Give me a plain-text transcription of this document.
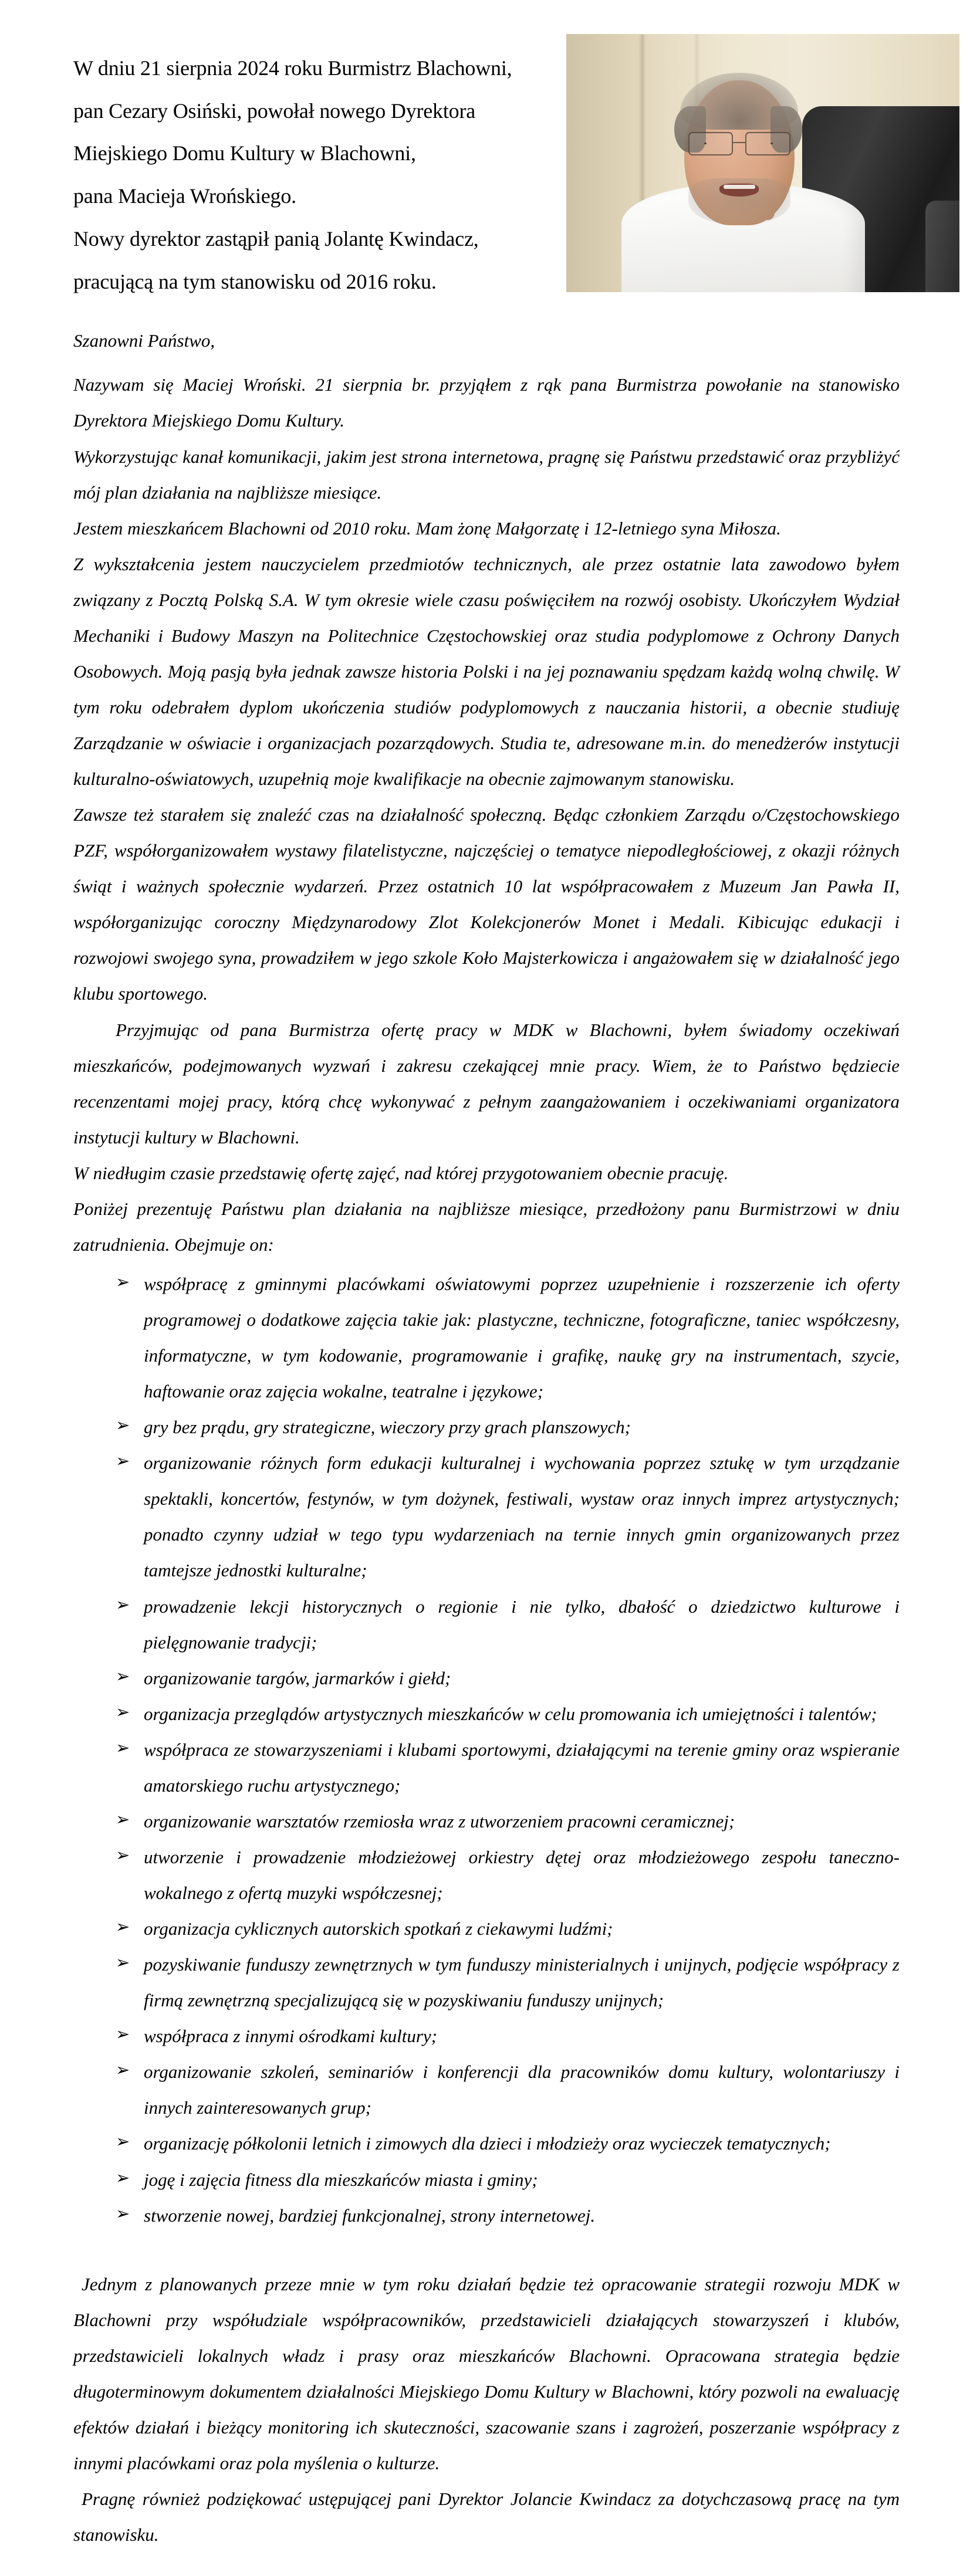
W dniu 21 sierpnia 2024 roku Burmistrz Blachowni,
pan Cezary Osiński, powołał nowego Dyrektora
Miejskiego Domu Kultury w Blachowni,
pana Macieja Wrońskiego.
Nowy dyrektor zastąpił panią Jolantę Kwindacz,
pracującą na tym stanowisku od 2016 roku.

Szanowni Państwo,

Nazywam się Maciej Wroński. 21 sierpnia br. przyjąłem z rąk pana Burmistrza powołanie na stanowisko Dyrektora Miejskiego Domu Kultury.

Wykorzystując kanał komunikacji, jakim jest strona internetowa, pragnę się Państwu przedstawić oraz przybliżyć mój plan działania na najbliższe miesiące.

Jestem mieszkańcem Blachowni od 2010 roku. Mam żonę Małgorzatę i 12-letniego syna Miłosza.

Z wykształcenia jestem nauczycielem przedmiotów technicznych, ale przez ostatnie lata zawodowo byłem związany z Pocztą Polską S.A. W tym okresie wiele czasu poświęciłem na rozwój osobisty. Ukończyłem Wydział Mechaniki i Budowy Maszyn na Politechnice Częstochowskiej oraz studia podyplomowe z Ochrony Danych Osobowych. Moją pasją była jednak zawsze historia Polski i na jej poznawaniu spędzam każdą wolną chwilę. W tym roku odebrałem dyplom ukończenia studiów podyplomowych z nauczania historii, a obecnie studiuję Zarządzanie w oświacie i organizacjach pozarządowych. Studia te, adresowane m.in. do menedżerów instytucji kulturalno-oświatowych, uzupełnią moje kwalifikacje na obecnie zajmowanym stanowisku.

Zawsze też starałem się znaleźć czas na działalność społeczną. Będąc członkiem Zarządu o/Częstochowskiego PZF, współorganizowałem wystawy filatelistyczne, najczęściej o tematyce niepodległościowej, z okazji różnych świąt i ważnych społecznie wydarzeń. Przez ostatnich 10 lat współpracowałem z Muzeum Jan Pawła II, współorganizując coroczny Międzynarodowy Zlot Kolekcjonerów Monet i Medali. Kibicując edukacji i rozwojowi swojego syna, prowadziłem w jego szkole Koło Majsterkowicza i angażowałem się w działalność jego klubu sportowego.

Przyjmując od pana Burmistrza ofertę pracy w MDK w Blachowni, byłem świadomy oczekiwań mieszkańców, podejmowanych wyzwań i zakresu czekającej mnie pracy. Wiem, że to Państwo będziecie recenzentami mojej pracy, którą chcę wykonywać z pełnym zaangażowaniem i oczekiwaniami organizatora instytucji kultury w Blachowni.

W niedługim czasie przedstawię ofertę zajęć, nad której przygotowaniem obecnie pracuję.

Poniżej prezentuję Państwu plan działania na najbliższe miesiące, przedłożony panu Burmistrzowi w dniu zatrudnienia. Obejmuje on:

➢ współpracę z gminnymi placówkami oświatowymi poprzez uzupełnienie i rozszerzenie ich oferty programowej o dodatkowe zajęcia takie jak: plastyczne, techniczne, fotograficzne, taniec współczesny, informatyczne, w tym kodowanie, programowanie i grafikę, naukę gry na instrumentach, szycie, haftowanie oraz zajęcia wokalne, teatralne i językowe;
➢ gry bez prądu, gry strategiczne, wieczory przy grach planszowych;
➢ organizowanie różnych form edukacji kulturalnej i wychowania poprzez sztukę w tym urządzanie spektakli, koncertów, festynów, w tym dożynek, festiwali, wystaw oraz innych imprez artystycznych; ponadto czynny udział w tego typu wydarzeniach na ternie innych gmin organizowanych przez tamtejsze jednostki kulturalne;
➢ prowadzenie lekcji historycznych o regionie i nie tylko, dbałość o dziedzictwo kulturowe i pielęgnowanie tradycji;
➢ organizowanie targów, jarmarków i giełd;
➢ organizacja przeglądów artystycznych mieszkańców w celu promowania ich umiejętności i talentów;
➢ współpraca ze stowarzyszeniami i klubami sportowymi, działającymi na terenie gminy oraz wspieranie amatorskiego ruchu artystycznego;
➢ organizowanie warsztatów rzemiosła wraz z utworzeniem pracowni ceramicznej;
➢ utworzenie i prowadzenie młodzieżowej orkiestry dętej oraz młodzieżowego zespołu taneczno-wokalnego z ofertą muzyki współczesnej;
➢ organizacja cyklicznych autorskich spotkań z ciekawymi ludźmi;
➢ pozyskiwanie funduszy zewnętrznych w tym funduszy ministerialnych i unijnych, podjęcie współpracy z firmą zewnętrzną specjalizującą się w pozyskiwaniu funduszy unijnych;
➢ współpraca z innymi ośrodkami kultury;
➢ organizowanie szkoleń, seminariów i konferencji dla pracowników domu kultury, wolontariuszy i innych zainteresowanych grup;
➢ organizację półkolonii letnich i zimowych dla dzieci i młodzieży oraz wycieczek tematycznych;
➢ jogę i zajęcia fitness dla mieszkańców miasta i gminy;
➢ stworzenie nowej, bardziej funkcjonalnej, strony internetowej.

Jednym z planowanych przeze mnie w tym roku działań będzie też opracowanie strategii rozwoju MDK w Blachowni przy współudziale współpracowników, przedstawicieli działających stowarzyszeń i klubów, przedstawicieli lokalnych władz i prasy oraz mieszkańców Blachowni. Opracowana strategia będzie długoterminowym dokumentem działalności Miejskiego Domu Kultury w Blachowni, który pozwoli na ewaluację efektów działań i bieżący monitoring ich skuteczności, szacowanie szans i zagrożeń, poszerzanie współpracy z innymi placówkami oraz pola myślenia o kulturze.

Pragnę również podziękować ustępującej pani Dyrektor Jolancie Kwindacz za dotychczasową pracę na tym stanowisku.
